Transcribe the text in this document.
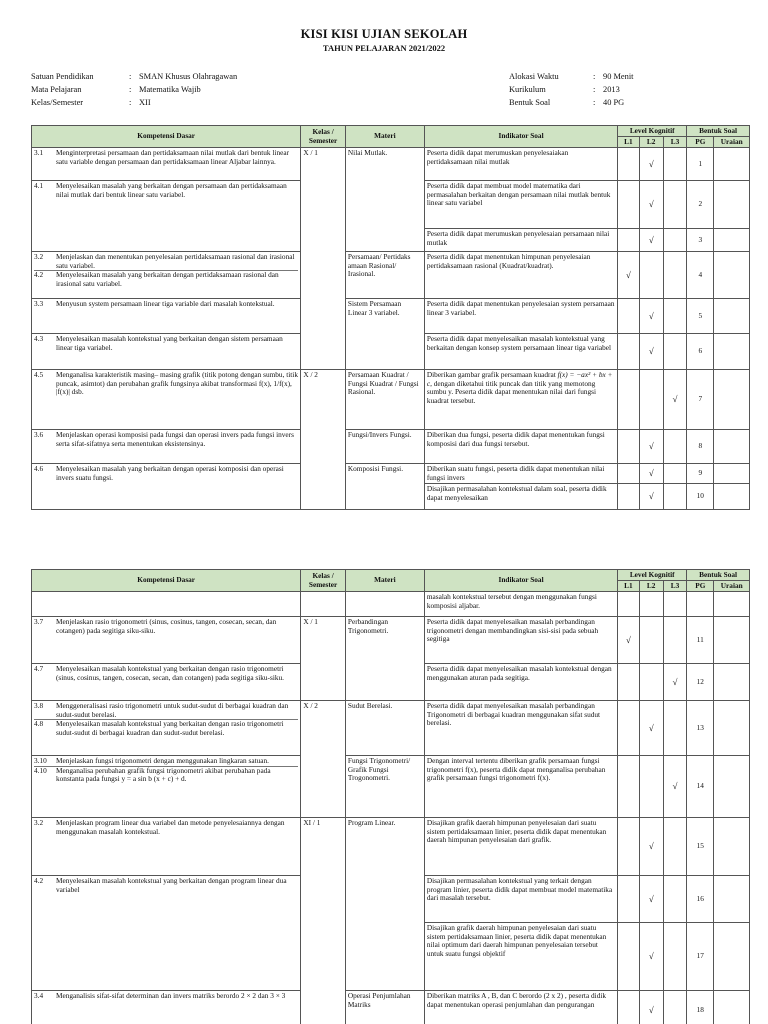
KISI KISI UJIAN SEKOLAH
TAHUN PELAJARAN 2021/2022
Satuan Pendidikan	: SMAN Khusus Olahragawan
Mata Pelajaran	: Matematika Wajib
Kelas/Semester	: XII
Alokasi Waktu	: 90 Menit
Kurikulum	: 2013
Bentuk Soal	: 40 PG
Kompetensi Dasar	Kelas / Semester	Materi	Indikator Soal	Level Kognitif			Bentuk Soal	
				L1	L2	L3	PG	Uraian

3.1 Menginterpretasi persamaan dan pertidaksamaan nilai mutlak dari bentuk linear satu variable dengan persamaan dan pertidaksamaan linear Aljabar lainnya.	X / 1	Nilai Mutlak.	Peserta didik dapat merumuskan penyelesaiakan pertidaksamaan nilai mutlak		√		1	

4.1 Menyelesaikan masalah yang berkaitan dengan persamaan dan pertidaksamaan nilai mutlak dari bentuk linear satu variabel.			Peserta didik dapat membuat model matematika dari permasalahan berkaitan dengan persamaan nilai mutlak bentuk linear satu variabel		√		2	
			Peserta didik dapat merumuskan penyelesaian persamaan nilai mutlak		√		3	

3.2 Menjelaskan dan menentukan penyelesaian pertidaksamaan rasional dan irasional satu variabel.
4.2 Menyelesaikan masalah yang berkaitan dengan pertidaksamaan rasional dan irasional satu variabel.		Persamaan/ Pertidaks amaan Rasional/ Irasional.	Peserta didik dapat menentukan himpunan penyelesaian pertidaksamaan rasional (Kuadrat/kuadrat).	√			4	

3.3 Menyusun system persamaan linear tiga variable dari masalah kontekstual.		Sistem Persamaan Linear 3 variabel.	Peserta didik dapat menentukan penyelesaian system persamaan linear 3 variabel.		√		5	

4.3 Menyelesaikan masalah kontekstual yang berkaitan dengan sistem persamaan linear tiga variabel.			Peserta didik dapat menyelesaikan masalah kontekstual yang berkaitan dengan konsep system persamaan linear tiga variabel		√		6	

4.5 Menganalisa karakteristik masing– masing grafik (titik potong dengan sumbu, titik puncak, asimtot) dan perubahan grafik fungsinya akibat transformasi f(x), 1/f(x), |f(x)| dsb.	X / 2	Persamaan Kuadrat / Fungsi Kuadrat / Fungsi Rasional.	Diberikan gambar grafik persamaan kuadrat f(x) = −ax² + bx + c, dengan diketahui titik puncak dan titik yang memotong sumbu y. Peserta didik dapat menentukan nilai dari fungsi kuadrat tersebut.			√	7	

3.6 Menjelaskan operasi komposisi pada fungsi dan operasi invers pada fungsi invers serta sifat-sifatnya serta menentukan eksistensinya.		Fungsi/Invers Fungsi.	Diberikan dua fungsi, peserta didik dapat menentukan fungsi komposisi dari dua fungsi tersebut.		√		8	

4.6 Menyelesaikan masalah yang berkaitan dengan operasi komposisi dan operasi invers suatu fungsi.		Komposisi Fungsi.	Diberikan suatu fungsi, peserta didik dapat menentukan nilai fungsi invers		√		9	
			Disajikan permasalahan kontekstual dalam soal, peserta didik dapat menyelesaikan		√		10	
Kompetensi Dasar	Kelas / Semester	Materi	Indikator Soal	Level Kognitif			Bentuk Soal	
				L1	L2	L3	PG	Uraian
			masalah kontekstual tersebut dengan menggunakan fungsi komposisi aljabar.					

3.7 Menjelaskan rasio trigonometri (sinus, cosinus, tangen, cosecan, secan, dan cotangen) pada segitiga siku-siku.	X / 1	Perbandingan Trigonometri.	Peserta didik dapat menyelesaikan masalah perbandingan trigonometri dengan membandingkan sisi-sisi pada sebuah segitiga	√			11	

4.7 Menyelesaikan masalah kontekstual yang berkaitan dengan rasio trigonometri (sinus, cosinus, tangen, cosecan, secan, dan cotangen) pada segitiga siku-siku.			Peserta didik dapat menyelesaikan masalah kontekstual dengan menggunakan aturan pada segitiga.			√	12	

3.8 Menggeneralisasi rasio trigonometri untuk sudut-sudut di berbagai kuadran dan sudut-sudut berelasi.
4.8 Menyelesaikan masalah kontekstual yang berkaitan dengan rasio trigonometri sudut-sudut di berbagai kuadran dan sudut-sudut berelasi.	X / 2	Sudut Berelasi.	Peserta didik dapat menyelesaikan masalah perbandingan Trigonometri di berbagai kuadran menggunakan sifat sudut berelasi.		√		13	

3.10 Menjelaskan fungsi trigonometri dengan menggunakan lingkaran satuan.
4.10 Menganalisa perubahan grafik fungsi trigonometri akibat perubahan pada konstanta pada fungsi y = a sin b (x + c) + d.		Fungsi Trigonometri/ Grafik Fungsi Trogonometri.	Dengan interval tertentu diberikan grafik persamaan fungsi trigonometri f(x), peserta didik dapat menganalisa perubahan grafik persamaan fungsi trigonometri f(x).			√	14	

3.2 Menjelaskan program linear dua variabel dan metode penyelesaiannya dengan menggunakan masalah kontekstual.	XI / 1	Program Linear.	Disajikan grafik daerah himpunan penyelesaian dari suatu sistem pertidaksamaan linier, peserta didik dapat menentukan daerah himpunan penyelesaian dari grafik.		√		15	

4.2 Menyelesaikan masalah kontekstual yang berkaitan dengan program linear dua variabel			Disajikan permasalahan kontekstual yang terkait dengan program linier, peserta didik dapat membuat model matematika dari masalah tersebut.		√		16	
			Disajikan grafik daerah himpunan penyelesaian dari suatu sistem pertidaksamaan linier, peserta didik dapat menentukan nilai optimum dari daerah himpunan penyelesaian tersebut untuk suatu fungsi objektif		√		17	

3.4 Menganalisis sifat-sifat determinan dan invers matriks berordo 2 × 2 dan 3 × 3		Operasi Penjumlahan Matriks	Diberikan matriks A , B, dan C berordo (2 x 2) , peserta didik dapat menentukan operasi penjumlahan dan pengurangan		√		18	
